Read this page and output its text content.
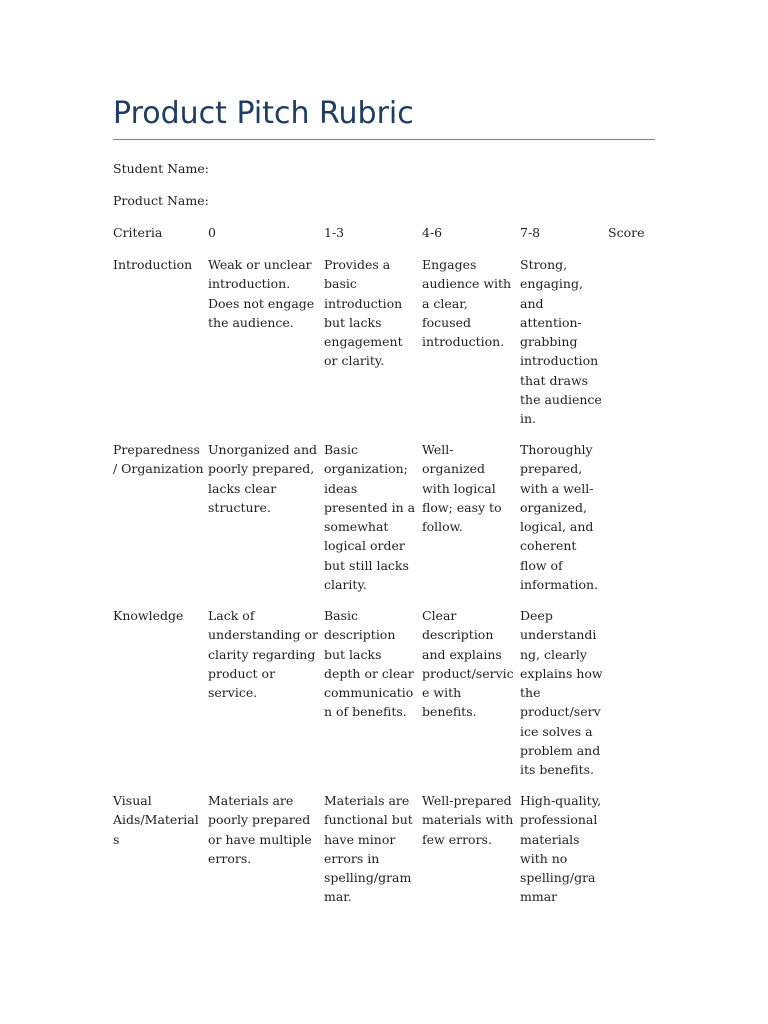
Product Pitch Rubric
Student Name:
Product Name:
Criteria	0	1-3	4-6	7-8	Score

Introduction	Weak or unclear introduction. Does not engage the audience.	Provides a basic introduction but lacks engagement or clarity.	Engages audience with a clear, focused introduction.	Strong, engaging, and attention-grabbing introduction that draws the audience in.	

Preparedness / Organization	Unorganized and poorly prepared, lacks clear structure.	Basic organization; ideas presented in a somewhat logical order but still lacks clarity.	Well-organized with logical flow; easy to follow.	Thoroughly prepared, with a well-organized, logical, and coherent flow of information.	

Knowledge	Lack of understanding or clarity regarding product or service.	Basic description but lacks depth or clear communication of benefits.	Clear description and explains product/service with benefits.	Deep understanding, clearly explains how the product/service solves a problem and its benefits.	

Visual Aids/Materials	Materials are poorly prepared or have multiple errors.	Materials are functional but have minor errors in spelling/grammar.	Well-prepared materials with few errors.	High-quality, professional materials with no spelling/grammar	
